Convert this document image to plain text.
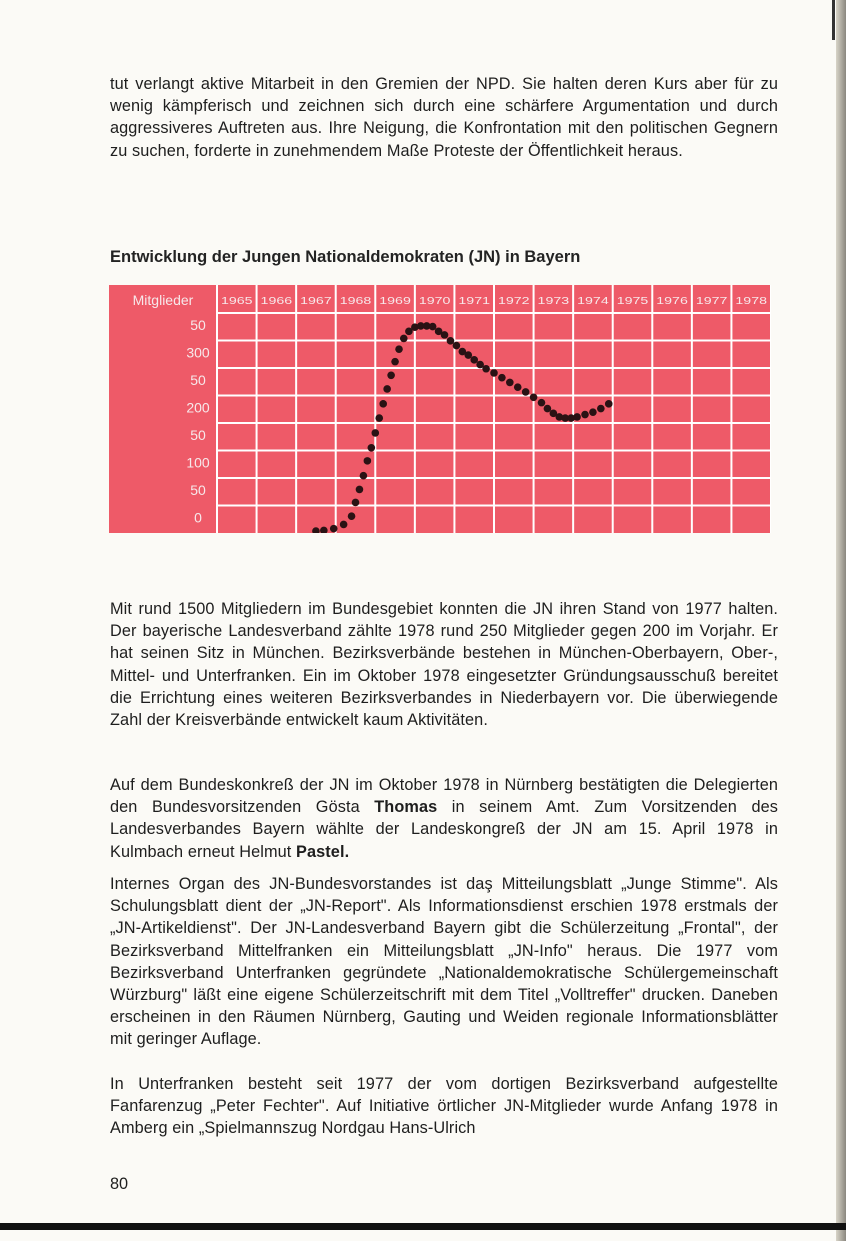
tut verlangt aktive Mitarbeit in den Gremien der NPD. Sie halten deren Kurs aber für zu wenig kämpferisch und zeichnen sich durch eine schärfere Argumentation und durch aggressiveres Auftreten aus. Ihre Neigung, die Konfrontation mit den politischen Gegnern zu suchen, forderte in zunehmendem Maße Proteste der Öffentlichkeit heraus.

Entwicklung der Jungen Nationaldemokraten (JN) in Bayern
Mitglieder	1965 1966 1967 1968 1969 1970 1971 1972 1973 1974 1975 1976 1977 1978
50
300
50
200
50
100
50
0

Mit rund 1500 Mitgliedern im Bundesgebiet konnten die JN ihren Stand von 1977 halten. Der bayerische Landesverband zählte 1978 rund 250 Mitglieder gegen 200 im Vorjahr. Er hat seinen Sitz in München. Bezirksverbände bestehen in München-Oberbayern, Ober-, Mittel- und Unterfranken. Ein im Oktober 1978 eingesetzter Gründungsausschuß bereitet die Errichtung eines weiteren Bezirksverbandes in Niederbayern vor. Die überwiegende Zahl der Kreisverbände entwickelt kaum Aktivitäten.

Auf dem Bundeskonkreß der JN im Oktober 1978 in Nürnberg bestätigten die Delegierten den Bundesvorsitzenden Gösta Thomas in seinem Amt. Zum Vorsitzenden des Landesverbandes Bayern wählte der Landeskongreß der JN am 15. April 1978 in Kulmbach erneut Helmut Pastel.

Internes Organ des JN-Bundesvorstandes ist daş Mitteilungsblatt „Junge Stimme". Als Schulungsblatt dient der „JN-Report". Als Informationsdienst erschien 1978 erstmals der „JN-Artikeldienst". Der JN-Landesverband Bayern gibt die Schülerzeitung „Frontal", der Bezirksverband Mittelfranken ein Mitteilungsblatt „JN-Info" heraus. Die 1977 vom Bezirksverband Unterfranken gegründete „Nationaldemokratische Schülergemeinschaft Würzburg" läßt eine eigene Schülerzeitschrift mit dem Titel „Volltreffer" drucken. Daneben erscheinen in den Räumen Nürnberg, Gauting und Weiden regionale Informationsblätter mit geringer Auflage.

In Unterfranken besteht seit 1977 der vom dortigen Bezirksverband aufgestellte Fanfarenzug „Peter Fechter". Auf Initiative örtlicher JN-Mitglieder wurde Anfang 1978 in Amberg ein „Spielmannszug Nordgau Hans-Ulrich

80
